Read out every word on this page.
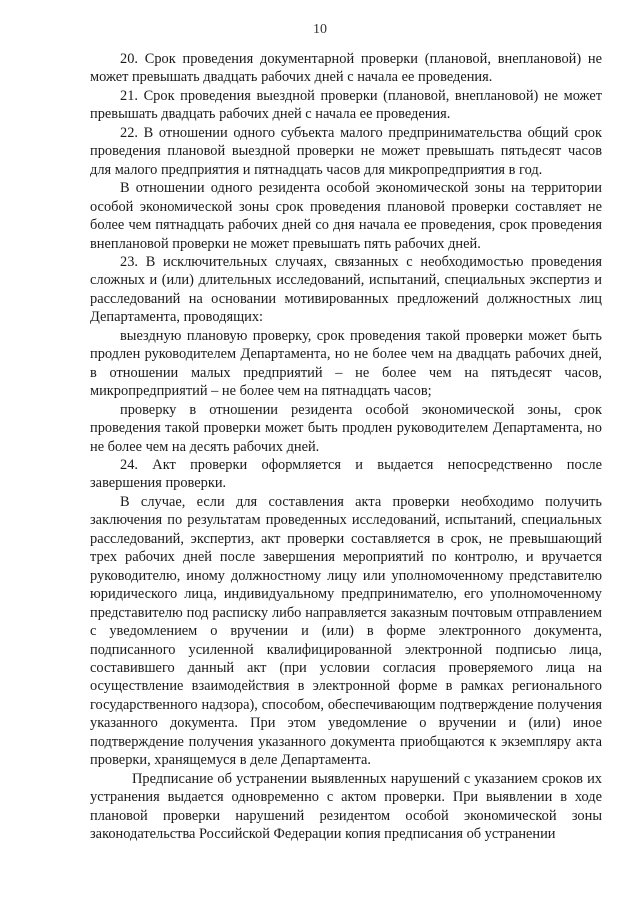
10

20. Срок проведения документарной проверки (плановой, внеплановой) не может превышать двадцать рабочих дней с начала ее проведения.

21. Срок проведения выездной проверки (плановой, внеплановой) не может превышать двадцать рабочих дней с начала ее проведения.

22. В отношении одного субъекта малого предпринимательства общий срок проведения плановой выездной проверки не может превышать пятьдесят часов для малого предприятия и пятнадцать часов для микропредприятия в год.

В отношении одного резидента особой экономической зоны на территории особой экономической зоны срок проведения плановой проверки составляет не более чем пятнадцать рабочих дней со дня начала ее проведения, срок проведения внеплановой проверки не может превышать пять рабочих дней.

23. В исключительных случаях, связанных с необходимостью проведения сложных и (или) длительных исследований, испытаний, специальных экспертиз и расследований на основании мотивированных предложений должностных лиц Департамента, проводящих:

выездную плановую проверку, срок проведения такой проверки может быть продлен руководителем Департамента, но не более чем на двадцать рабочих дней, в отношении малых предприятий – не более чем на пятьдесят часов, микропредприятий – не более чем на пятнадцать часов;

проверку в отношении резидента особой экономической зоны, срок проведения такой проверки может быть продлен руководителем Департамента, но не более чем на десять рабочих дней.

24. Акт проверки оформляется и выдается непосредственно после завершения проверки.

В случае, если для составления акта проверки необходимо получить заключения по результатам проведенных исследований, испытаний, специальных расследований, экспертиз, акт проверки составляется в срок, не превышающий трех рабочих дней после завершения мероприятий по контролю, и вручается руководителю, иному должностному лицу или уполномоченному представителю юридического лица, индивидуальному предпринимателю, его уполномоченному представителю под расписку либо направляется заказным почтовым отправлением с уведомлением о вручении и (или) в форме электронного документа, подписанного усиленной квалифицированной электронной подписью лица, составившего данный акт (при условии согласия проверяемого лица на осуществление взаимодействия в электронной форме в рамках регионального государственного надзора), способом, обеспечивающим подтверждение получения указанного документа. При этом уведомление о вручении и (или) иное подтверждение получения указанного документа приобщаются к экземпляру акта проверки, хранящемуся в деле Департамента.

Предписание об устранении выявленных нарушений с указанием сроков их устранения выдается одновременно с актом проверки. При выявлении в ходе плановой проверки нарушений резидентом особой экономической зоны законодательства Российской Федерации копия предписания об устранении
